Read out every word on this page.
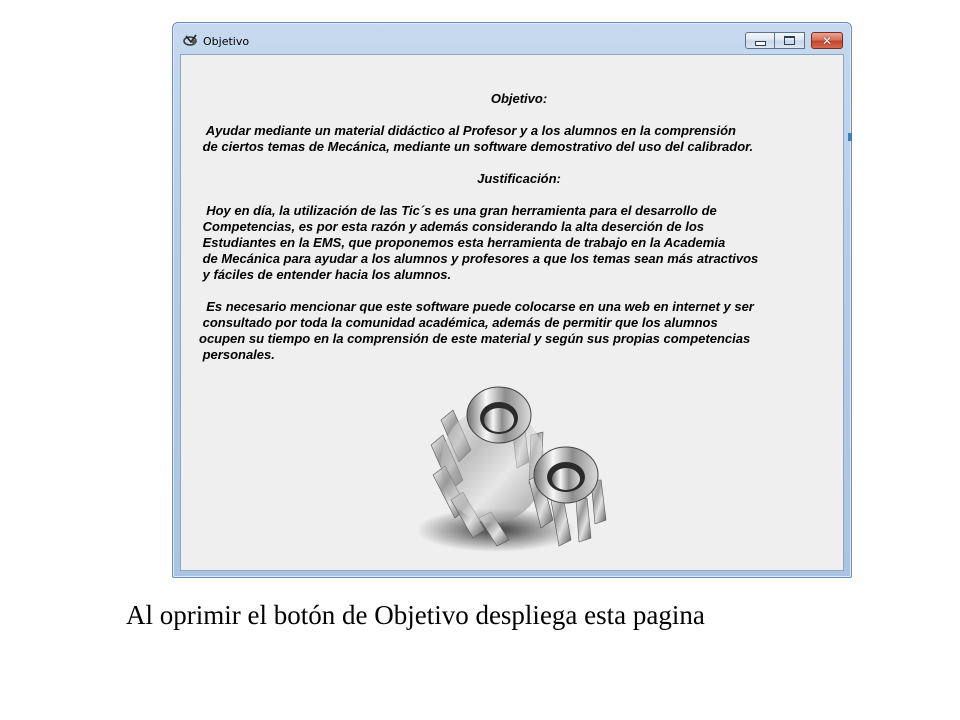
Objetivo	✕
Objetivo:

Ayudar mediante un material didáctico al Profesor y a los alumnos en la comprensión
de ciertos temas de Mecánica, mediante un software demostrativo del uso del calibrador.

Justificación:

Hoy en día, la utilización de las Tic´s es una gran herramienta para el desarrollo de
Competencias, es por esta razón y además considerando la alta deserción de los
Estudiantes en la EMS, que proponemos esta herramienta de trabajo en la Academia
de Mecánica para ayudar a los alumnos y profesores a que los temas sean más atractivos
y fáciles de entender hacia los alumnos.

Es necesario mencionar que este software puede colocarse en una web en internet y ser
consultado por toda la comunidad académica, además de permitir que los alumnos
ocupen su tiempo en la comprensión de este material y según sus propias competencias
personales.

Al oprimir el botón de Objetivo despliega esta pagina
